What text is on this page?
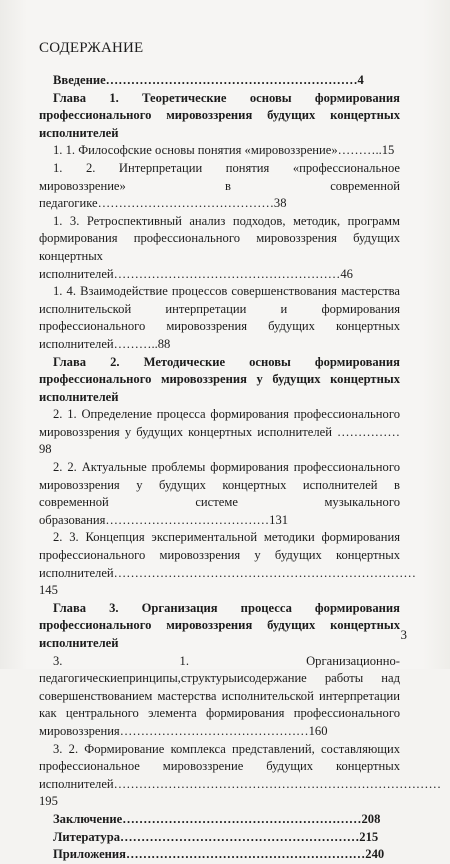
СОДЕРЖАНИЕ
Введение……………………………………………………4
Глава 1. Теоретические основы формирования профессионального мировоззрения будущих концертных исполнителей
1. 1. Философские основы понятия «мировоззрение»………..15
1. 2. Интерпретации понятия «профессиональное мировоззрение» в современной педагогике……………………………………38
1. 3. Ретроспективный анализ подходов, методик, программ формирования профессионального мировоззрения будущих концертных исполнителей………………………………………………46
1. 4. Взаимодействие процессов совершенствования мастерства исполнительской интерпретации и формирования профессионального мировоззрения будущих концертных исполнителей………..88
Глава 2. Методические основы формирования профессионального мировоззрения у будущих концертных исполнителей
2. 1. Определение процесса формирования профессионального мировоззрения у будущих концертных исполнителей ……………98
2. 2. Актуальные проблемы формирования профессионального мировоззрения у будущих концертных исполнителей в современной системе музыкального образования…………………………………131
2. 3. Концепция экспериментальной методики формирования профессионального мировоззрения у будущих концертных исполнителей………………………………………………………………145
Глава 3. Организация процесса формирования профессионального мировоззрения будущих концертных исполнителей
3. 1. Организационно-педагогическиепринципы,структурыисодержание работы над совершенствованием мастерства исполнительской интерпретации как центрального элемента формирования профессионального мировоззрения………………………………………160
3. 2. Формирование комплекса представлений, составляющих профессиональное мировоззрение будущих концертных исполнителей……………………………………………………………………195
Заключение…………………………………………………208
Литература…………………………………………………215
Приложения…………………………………………………240
3
